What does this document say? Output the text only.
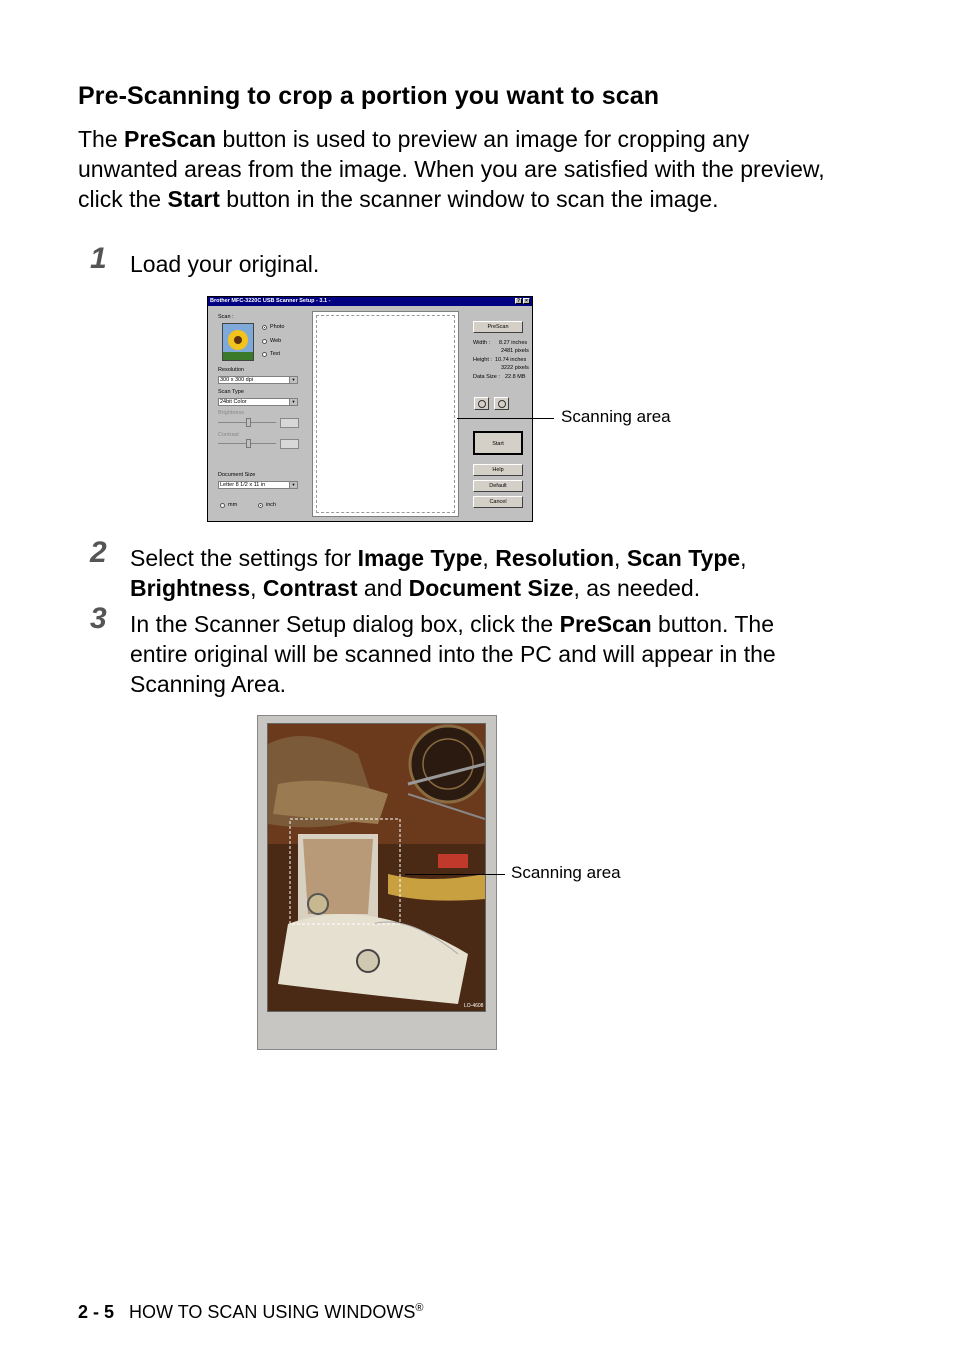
Pre-Scanning to crop a portion you want to scan
The PreScan button is used to preview an image for cropping any unwanted areas from the image. When you are satisfied with the preview, click the Start button in the scanner window to scan the image.
1 Load your original.
Brother MFC-3220C USB Scanner Setup - 3.1 -	?	×
Scan :
Photo
Web
Text
Resolution
300 x 300 dpi	▼
Scan Type
24bit Color	▼
Brightness
Contrast
Document Size
Letter 8 1/2 x 11 in	▼
mm	inch
PreScan
Width : 8.27 inches
2481 pixels
Height : 10.74 inches
3222 pixels
Data Size : 22.8 MB
Start
Help
Default
Cancel
Scanning area
2 Select the settings for Image Type, Resolution, Scan Type, Brightness, Contrast and Document Size, as needed.
3 In the Scanner Setup dialog box, click the PreScan button. The entire original will be scanned into the PC and will appear in the Scanning Area.
LO-4608
Scanning area
2 - 5 HOW TO SCAN USING WINDOWS®
